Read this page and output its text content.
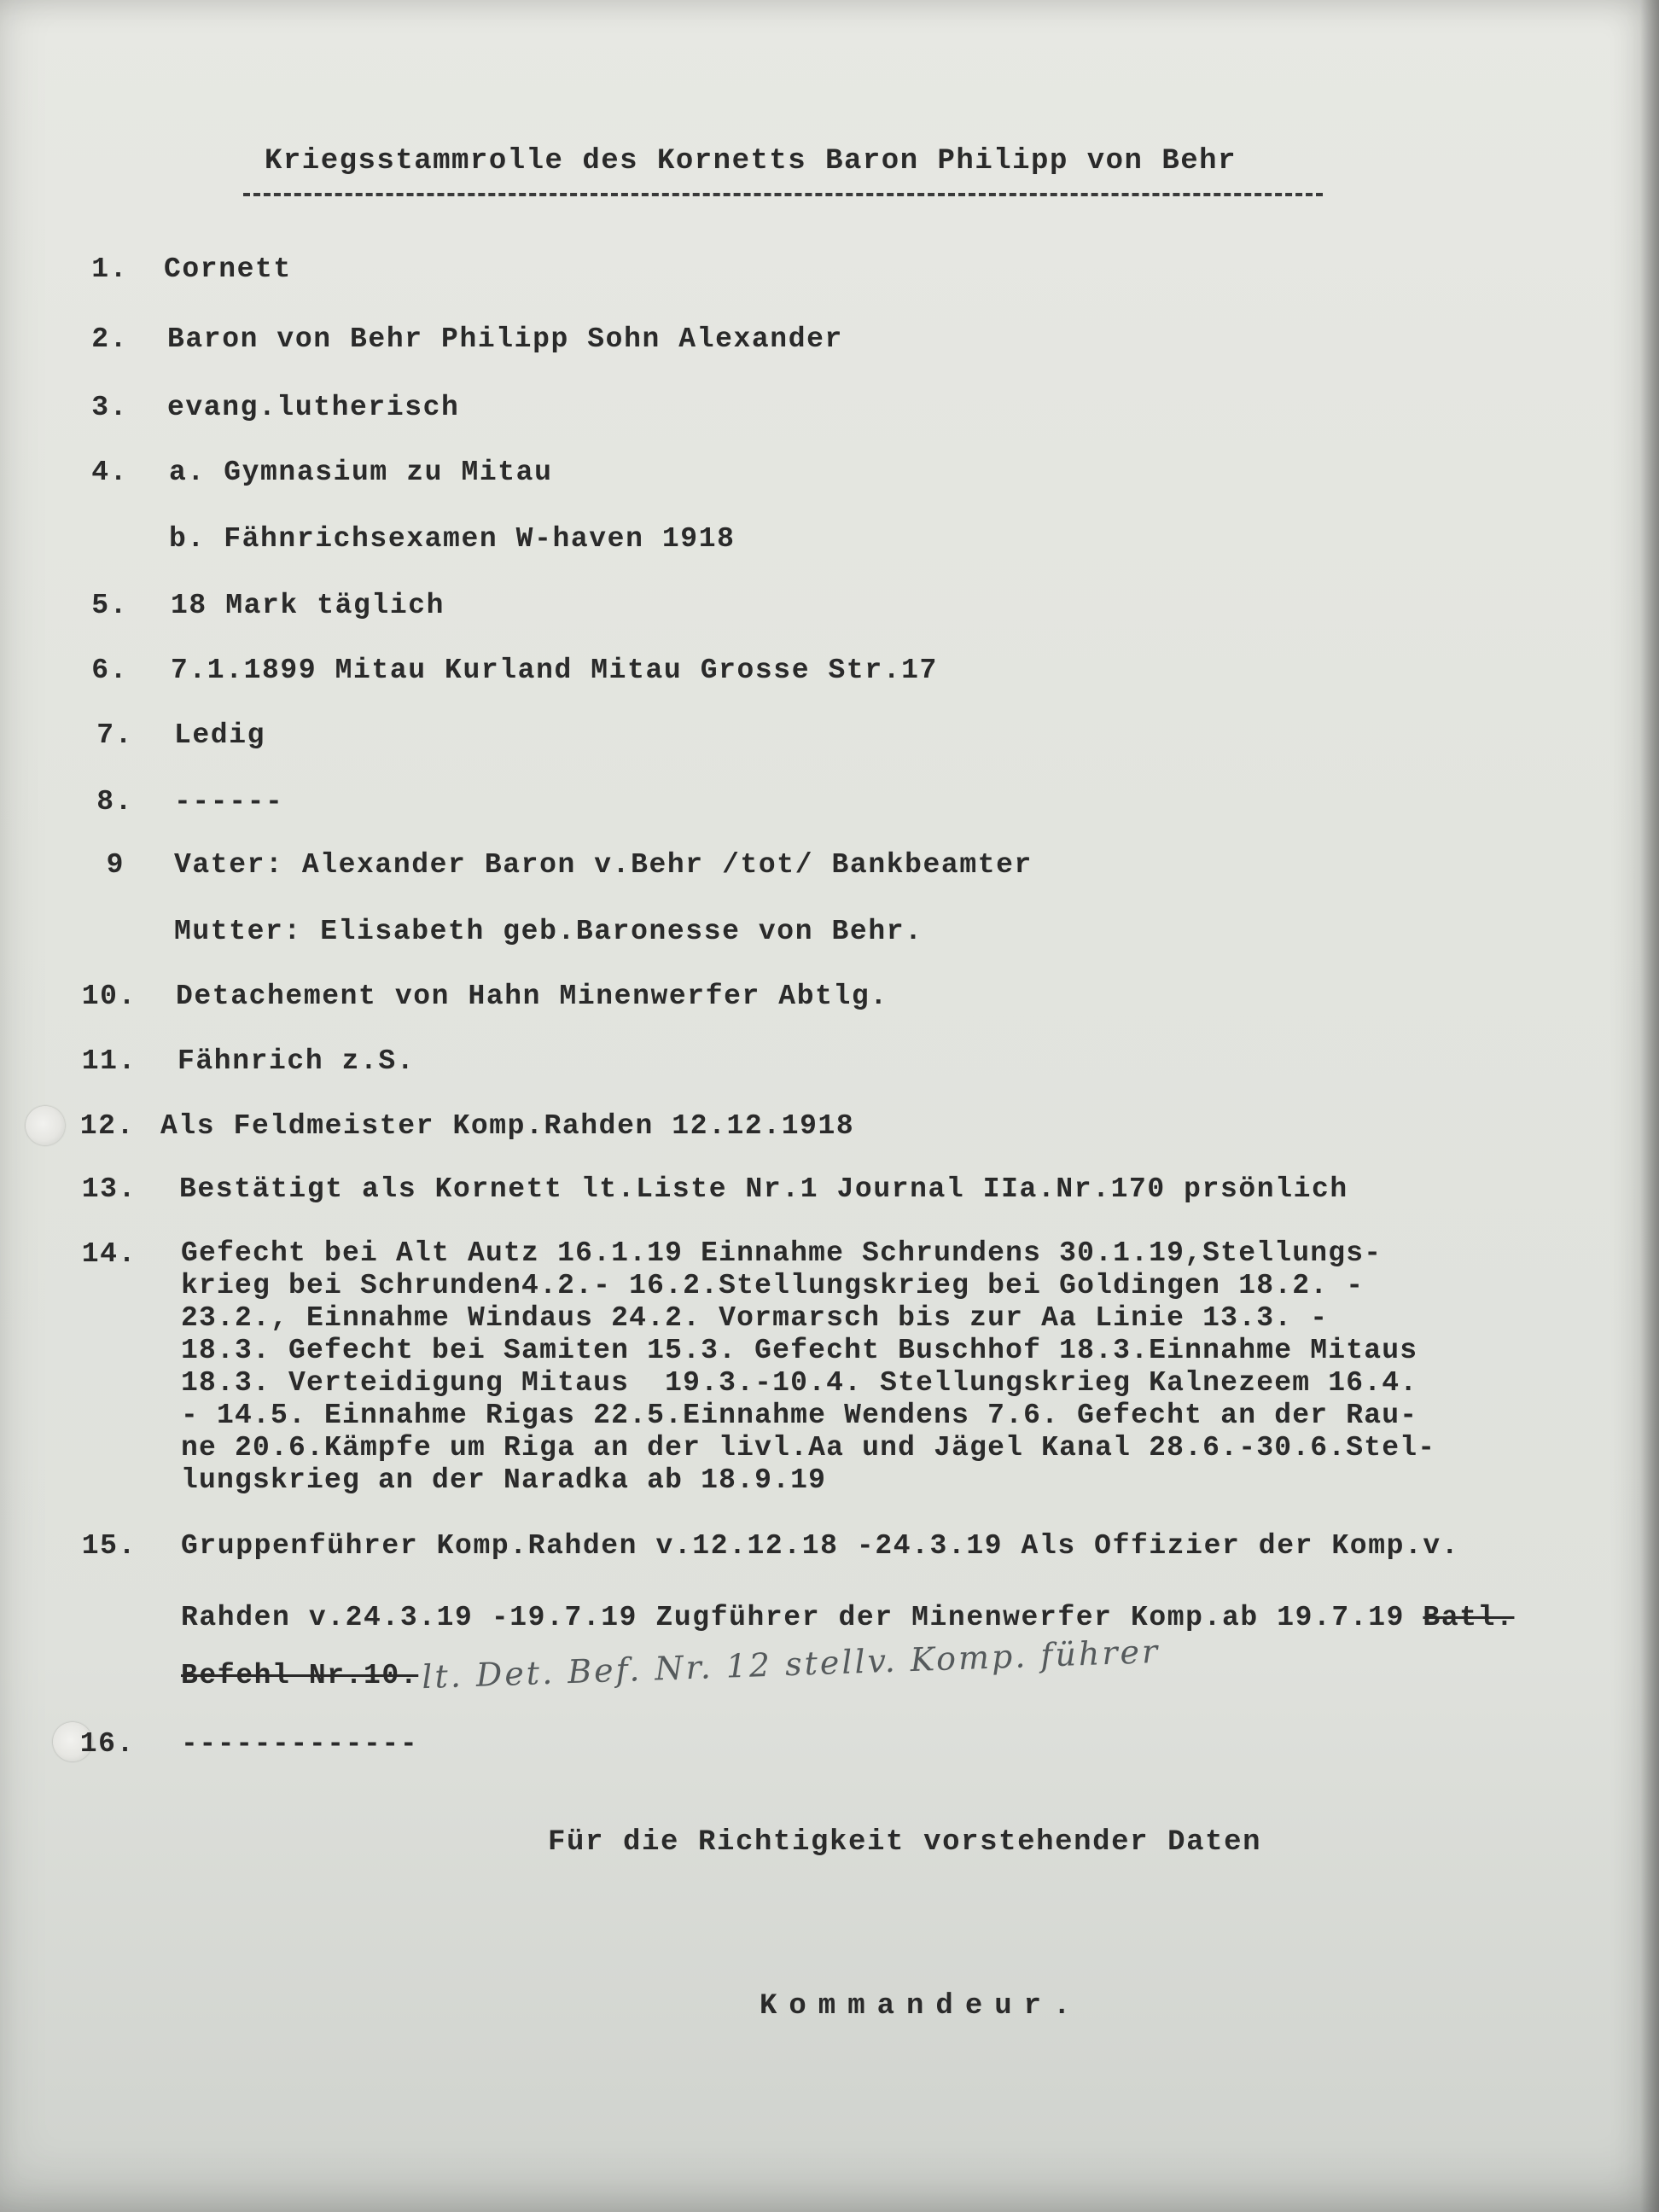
Kriegsstammrolle des Kornetts Baron Philipp von Behr
1. Cornett
2. Baron von Behr Philipp Sohn Alexander
3. evang.lutherisch
4. a. Gymnasium zu Mitau
b. Fähnrichsexamen W-haven 1918
5. 18 Mark täglich
6. 7.1.1899 Mitau Kurland Mitau Grosse Str.17
7. Ledig
8. ------
9 Vater: Alexander Baron v.Behr /tot/ Bankbeamter
Mutter: Elisabeth geb.Baronesse von Behr.
10. Detachement von Hahn Minenwerfer Abtlg.
11. Fähnrich z.S.
12. Als Feldmeister Komp.Rahden 12.12.1918
13. Bestätigt als Kornett lt.Liste Nr.1 Journal IIa.Nr.170 prsönlich
14. Gefecht bei Alt Autz 16.1.19 Einnahme Schrundens 30.1.19,Stellungs-
krieg bei Schrunden4.2.- 16.2.Stellungskrieg bei Goldingen 18.2. -
23.2., Einnahme Windaus 24.2. Vormarsch bis zur Aa Linie 13.3. -
18.3. Gefecht bei Samiten 15.3. Gefecht Buschhof 18.3.Einnahme Mitaus
18.3. Verteidigung Mitaus  19.3.-10.4. Stellungskrieg Kalnezeem 16.4.
- 14.5. Einnahme Rigas 22.5.Einnahme Wendens 7.6. Gefecht an der Rau-
ne 20.6.Kämpfe um Riga an der livl.Aa und Jägel Kanal 28.6.-30.6.Stel-
lungskrieg an der Naradka ab 18.9.19
15. Gruppenführer Komp.Rahden v.12.12.18 -24.3.19 Als Offizier der Komp.v.
Rahden v.24.3.19 -19.7.19 Zugführer der Minenwerfer Komp.ab 19.7.19 Batl.
Befehl Nr.10. lt. Det. Bef. Nr. 12 stellv. Komp. führer
16. -------------
Für die Richtigkeit vorstehender Daten
Kommandeur.
